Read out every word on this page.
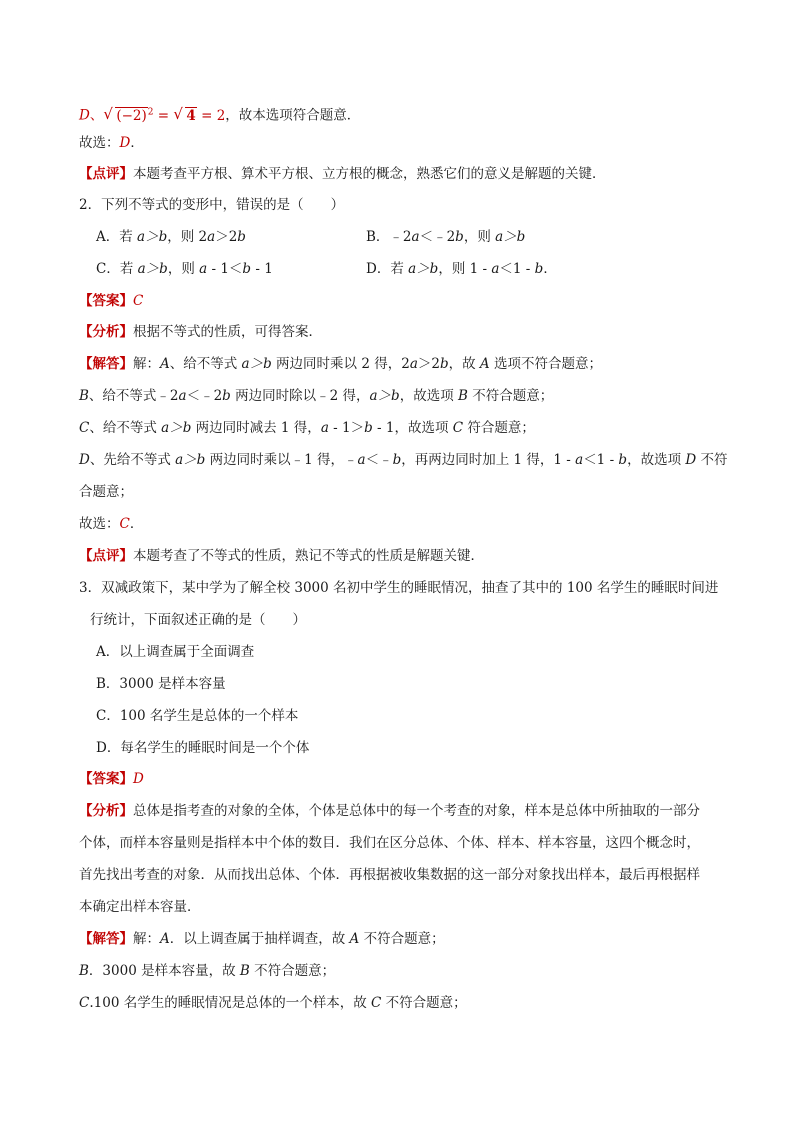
D、√ $(-2)^2$ = √ 4 = 2，故本选项符合题意．
故选：D．
【点评】本题考查平方根、算术平方根、立方根的概念，熟悉它们的意义是解题的关键．
2．下列不等式的变形中，错误的是（　　）
A．若 a＞b，则 2a＞2b	B．﹣2a＜﹣2b，则 a＞b
C．若 a＞b，则 a - 1＜b - 1	D．若 a＞b，则 1 - a＜1 - b．
【答案】C
【分析】根据不等式的性质，可得答案．
【解答】解：A、给不等式 a＞b 两边同时乘以 2 得，2a＞2b，故 A 选项不符合题意；
B、给不等式﹣2a＜﹣2b 两边同时除以﹣2 得，a＞b，故选项 B 不符合题意；
C、给不等式 a＞b 两边同时减去 1 得，a - 1＞b - 1，故选项 C 符合题意；
D、先给不等式 a＞b 两边同时乘以﹣1 得，﹣a＜﹣b，再两边同时加上 1 得，1 - a＜1 - b，故选项 D 不符
合题意；
故选：C．
【点评】本题考查了不等式的性质，熟记不等式的性质是解题关键．
3．双减政策下，某中学为了解全校 3000 名初中学生的睡眠情况，抽查了其中的 100 名学生的睡眠时间进
行统计，下面叙述正确的是（　　）
A．以上调查属于全面调查
B．3000 是样本容量
C．100 名学生是总体的一个样本
D．每名学生的睡眠时间是一个个体
【答案】D
【分析】总体是指考查的对象的全体，个体是总体中的每一个考查的对象，样本是总体中所抽取的一部分
个体，而样本容量则是指样本中个体的数目．我们在区分总体、个体、样本、样本容量，这四个概念时，
首先找出考查的对象．从而找出总体、个体．再根据被收集数据的这一部分对象找出样本，最后再根据样
本确定出样本容量．
【解答】解：A．以上调查属于抽样调查，故 A 不符合题意；
B．3000 是样本容量，故 B 不符合题意；
C.100 名学生的睡眠情况是总体的一个样本，故 C 不符合题意；
